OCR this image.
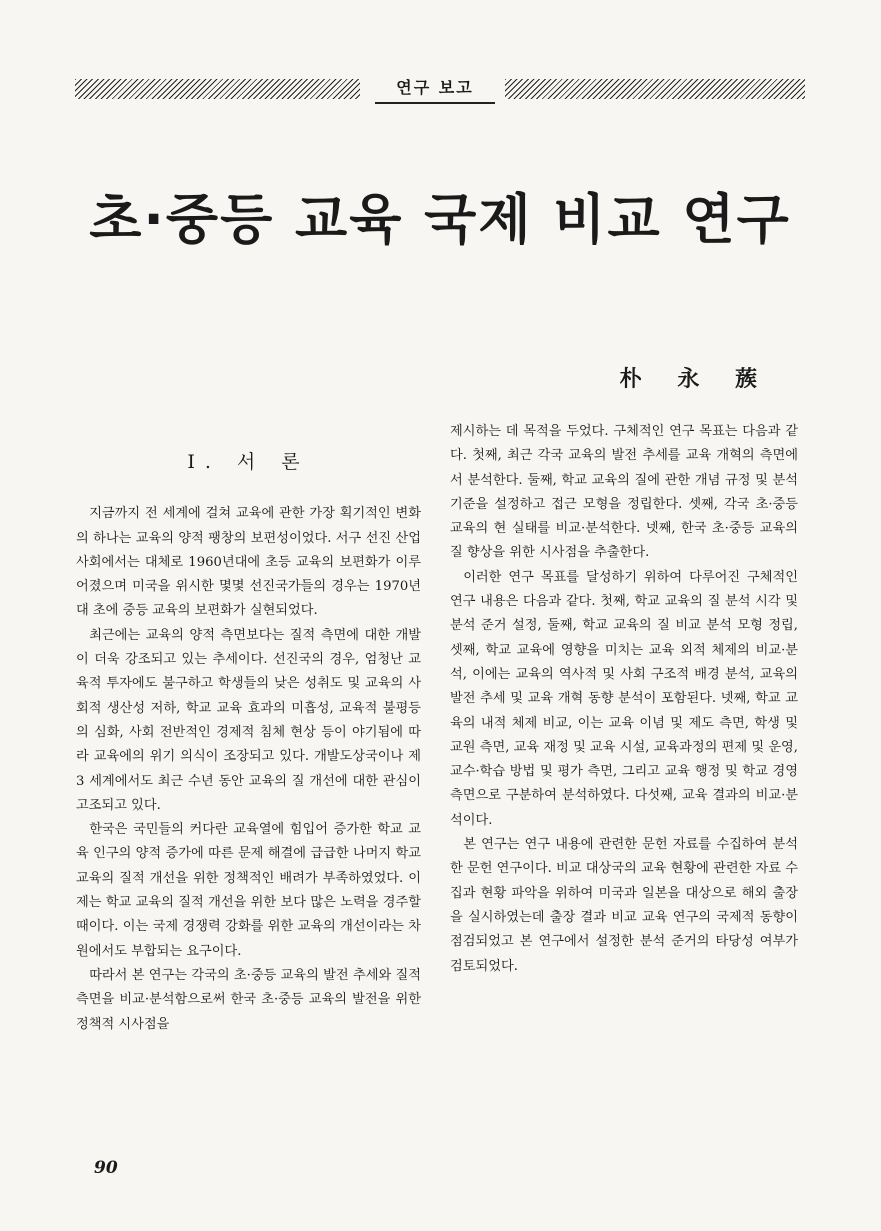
연구 보고
초·중등 교육 국제 비교 연구
朴 永 蔟
Ⅰ. 서 론

지금까지 전 세계에 걸쳐 교육에 관한 가장 획기적인 변화의 하나는 교육의 양적 팽창의 보편성이었다. 서구 선진 산업 사회에서는 대체로 1960년대에 초등 교육의 보편화가 이루어졌으며 미국을 위시한 몇몇 선진국가들의 경우는 1970년대 초에 중등 교육의 보편화가 실현되었다.

최근에는 교육의 양적 측면보다는 질적 측면에 대한 개발이 더욱 강조되고 있는 추세이다. 선진국의 경우, 엄청난 교육적 투자에도 불구하고 학생들의 낮은 성취도 및 교육의 사회적 생산성 저하, 학교 교육 효과의 미흡성, 교육적 불평등의 심화, 사회 전반적인 경제적 침체 현상 등이 야기됨에 따라 교육에의 위기 의식이 조장되고 있다. 개발도상국이나 제 3 세계에서도 최근 수년 동안 교육의 질 개선에 대한 관심이 고조되고 있다.

한국은 국민들의 커다란 교육열에 힘입어 증가한 학교 교육 인구의 양적 증가에 따른 문제 해결에 급급한 나머지 학교 교육의 질적 개선을 위한 정책적인 배려가 부족하였었다. 이제는 학교 교육의 질적 개선을 위한 보다 많은 노력을 경주할 때이다. 이는 국제 경쟁력 강화를 위한 교육의 개선이라는 차원에서도 부합되는 요구이다.

따라서 본 연구는 각국의 초·중등 교육의 발전 추세와 질적 측면을 비교·분석함으로써 한국 초·중등 교육의 발전을 위한 정책적 시사점을

제시하는 데 목적을 두었다. 구체적인 연구 목표는 다음과 같다. 첫째, 최근 각국 교육의 발전 추세를 교육 개혁의 측면에서 분석한다. 둘째, 학교 교육의 질에 관한 개념 규정 및 분석 기준을 설정하고 접근 모형을 정립한다. 셋째, 각국 초·중등 교육의 현 실태를 비교·분석한다. 넷째, 한국 초·중등 교육의 질 향상을 위한 시사점을 추출한다.

이러한 연구 목표를 달성하기 위하여 다루어진 구체적인 연구 내용은 다음과 같다. 첫째, 학교 교육의 질 분석 시각 및 분석 준거 설정, 둘째, 학교 교육의 질 비교 분석 모형 정립, 셋째, 학교 교육에 영향을 미치는 교육 외적 체제의 비교·분석, 이에는 교육의 역사적 및 사회 구조적 배경 분석, 교육의 발전 추세 및 교육 개혁 동향 분석이 포함된다. 넷째, 학교 교육의 내적 체제 비교, 이는 교육 이념 및 제도 측면, 학생 및 교원 측면, 교육 재정 및 교육 시설, 교육과정의 편제 및 운영, 교수·학습 방법 및 평가 측면, 그리고 교육 행정 및 학교 경영 측면으로 구분하여 분석하였다. 다섯째, 교육 결과의 비교·분석이다.

본 연구는 연구 내용에 관련한 문헌 자료를 수집하여 분석한 문헌 연구이다. 비교 대상국의 교육 현황에 관련한 자료 수집과 현황 파악을 위하여 미국과 일본을 대상으로 해외 출장을 실시하였는데 출장 결과 비교 교육 연구의 국제적 동향이 점검되었고 본 연구에서 설정한 분석 준거의 타당성 여부가 검토되었다.

90
